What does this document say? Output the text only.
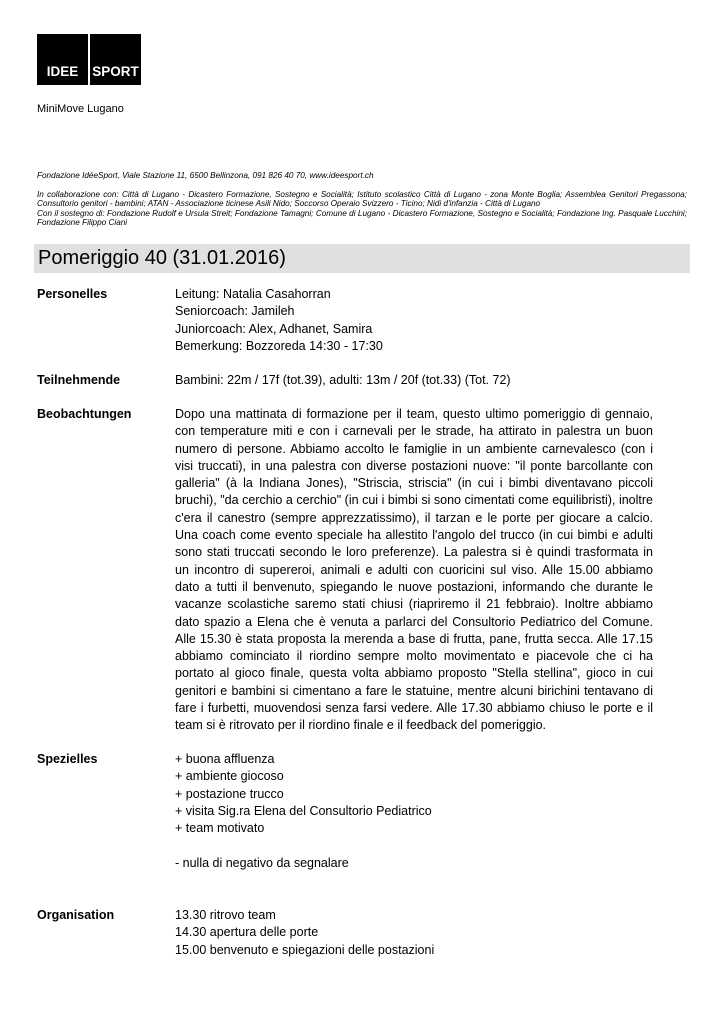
IDEE	SPORT
MiniMove Lugano

Fondazione IdéeSport, Viale Stazione 11, 6500 Bellinzona, 091 826 40 70, www.ideesport.ch

In collaborazione con: Città di Lugano - Dicastero Formazione, Sostegno e Socialità; Istituto scolastico Città di Lugano - zona Monte Boglia; Assemblea Genitori Pregassona; Consultorio genitori - bambini; ATAN - Associazione ticinese Asili Nido; Soccorso Operaio Svizzero - Ticino; Nidi d'infanzia - Città di Lugano

Con il sostegno di: Fondazione Rudolf e Ursula Streit; Fondazione Tamagni; Comune di Lugano - Dicastero Formazione, Sostegno e Socialità; Fondazione Ing. Pasquale Lucchini; Fondazione Filippo Ciani

Pomeriggio 40 (31.01.2016)
Personelles	Leitung: Natalia Casahorran
Seniorcoach: Jamileh
Juniorcoach: Alex, Adhanet, Samira
Bemerkung: Bozzoreda 14:30 - 17:30
Teilnehmende	Bambini: 22m / 17f (tot.39), adulti: 13m / 20f (tot.33) (Tot. 72)
Beobachtungen	Dopo una mattinata di formazione per il team, questo ultimo pomeriggio di gennaio, con temperature miti e con i carnevali per le strade, ha attirato in palestra un buon numero di persone. Abbiamo accolto le famiglie in un ambiente carnevalesco (con i visi truccati), in una palestra con diverse postazioni nuove: "il ponte barcollante con galleria" (à la Indiana Jones), "Striscia, striscia" (in cui i bimbi diventavano piccoli bruchi), "da cerchio a cerchio" (in cui i bimbi si sono cimentati come equilibristi), inoltre c'era il canestro (sempre apprezzatissimo), il tarzan e le porte per giocare a calcio. Una coach come evento speciale ha allestito l'angolo del trucco (in cui bimbi e adulti sono stati truccati secondo le loro preferenze). La palestra si è quindi trasformata in un incontro di supereroi, animali e adulti con cuoricini sul viso. Alle 15.00 abbiamo dato a tutti il benvenuto, spiegando le nuove postazioni, informando che durante le vacanze scolastiche saremo stati chiusi (riapriremo il 21 febbraio). Inoltre abbiamo dato spazio a Elena che è venuta a parlarci del Consultorio Pediatrico del Comune. Alle 15.30 è stata proposta la merenda a base di frutta, pane, frutta secca. Alle 17.15 abbiamo cominciato il riordino sempre molto movimentato e piacevole che ci ha portato al gioco finale, questa volta abbiamo proposto "Stella stellina", gioco in cui genitori e bambini si cimentano a fare le statuine, mentre alcuni birichini tentavano di fare i furbetti, muovendosi senza farsi vedere. Alle 17.30 abbiamo chiuso le porte e il team si è ritrovato per il riordino finale e il feedback del pomeriggio.
Spezielles	+ buona affluenza
+ ambiente giocoso
+ postazione trucco
+ visita Sig.ra Elena del Consultorio Pediatrico
+ team motivato
- nulla di negativo da segnalare
Organisation	13.30 ritrovo team
14.30 apertura delle porte
15.00 benvenuto e spiegazioni delle postazioni
